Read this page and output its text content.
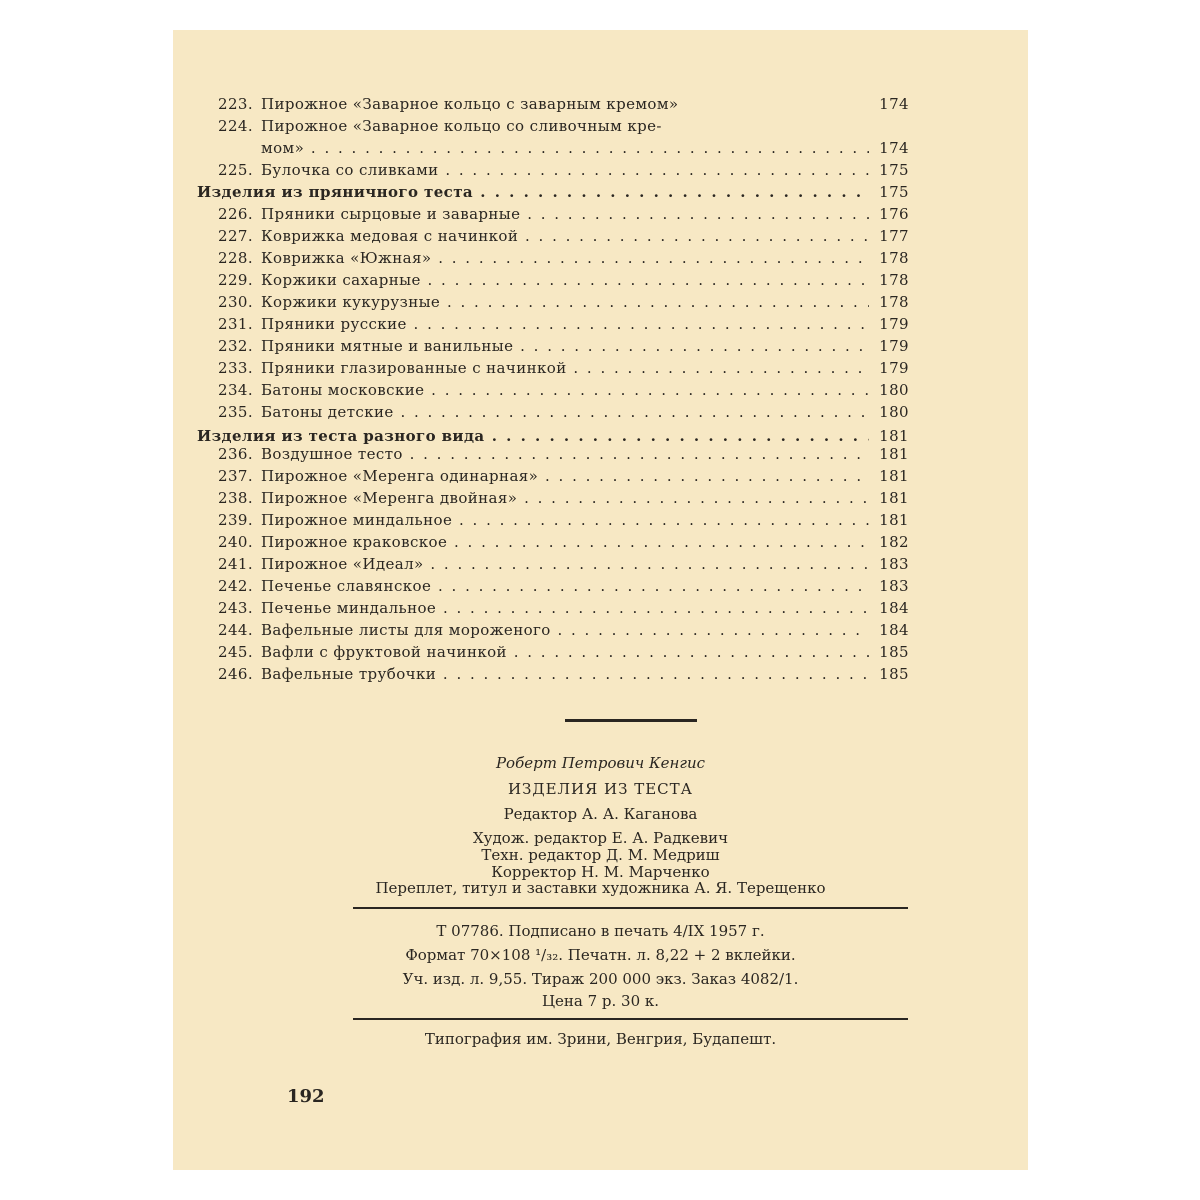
223. Пирожное «Заварное кольцо с заварным кремом»	174
224. Пирожное «Заварное кольцо со сливочным кре-
мом» . . .	174
225. Булочка со сливками . . .	175
Изделия из пряничного теста . . .	175
226. Пряники сырцовые и заварные . . .	176
227. Коврижка медовая с начинкой . . .	177
228. Коврижка «Южная» . . .	178
229. Коржики сахарные . . .	178
230. Коржики кукурузные . . .	178
231. Пряники русские . . .	179
232. Пряники мятные и ванильные . . .	179
233. Пряники глазированные с начинкой . . .	179
234. Батоны московские . . .	180
235. Батоны детские . . .	180
Изделия из теста разного вида . . .	181
236. Воздушное тесто . . .	181
237. Пирожное «Меренга одинарная» . . .	181
238. Пирожное «Меренга двойная» . . .	181
239. Пирожное миндальное . . .	181
240. Пирожное краковское . . .	182
241. Пирожное «Идеал» . . .	183
242. Печенье славянское . . .	183
243. Печенье миндальное . . .	184
244. Вафельные листы для мороженого . . .	184
245. Вафли с фруктовой начинкой . . .	185
246. Вафельные трубочки . . .	185
Роберт Петрович Кенгис
ИЗДЕЛИЯ ИЗ ТЕСТА
Редактор А. А. Каганова
Худож. редактор Е. А. Радкевич
Техн. редактор Д. М. Медриш
Корректор Н. М. Марченко
Переплет, титул и заставки художника А. Я. Терещенко
Т 07786. Подписано в печать 4/IX 1957 г.
Формат 70×108 ¹/₃₂. Печатн. л. 8,22 + 2 вклейки.
Уч. изд. л. 9,55. Тираж 200 000 экз. Заказ 4082/1.
Цена 7 р. 30 к.
Типография им. Зрини, Венгрия, Будапешт.
192
